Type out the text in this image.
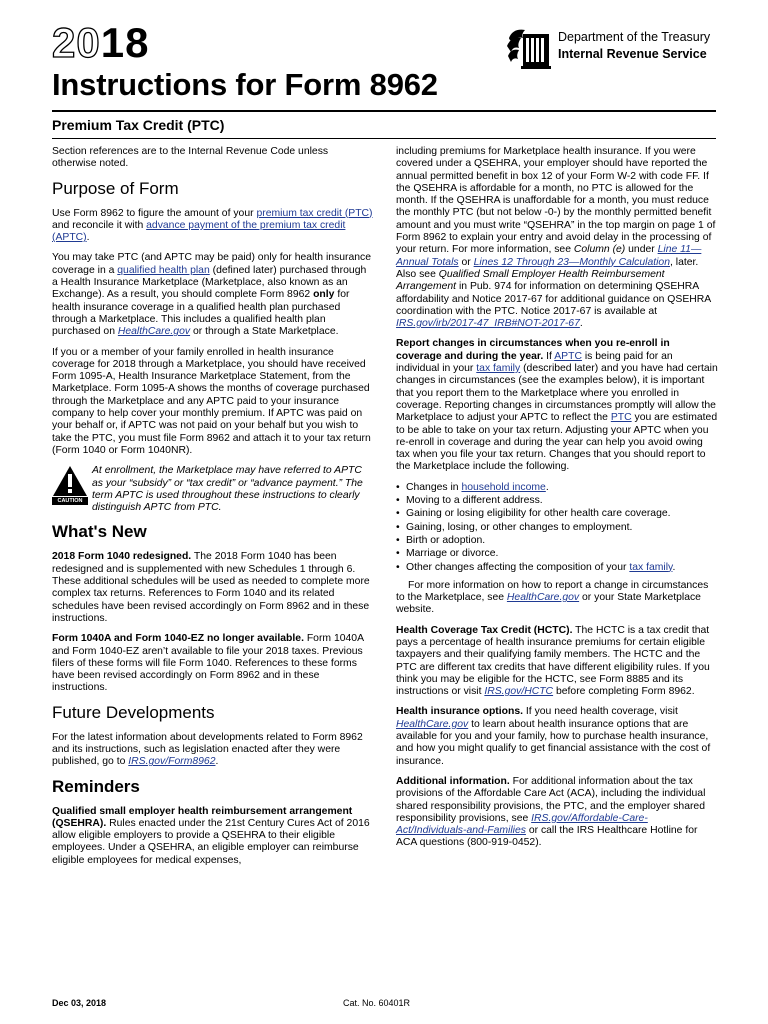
2018
Instructions for Form 8962
Premium Tax Credit (PTC)
Department of the Treasury
Internal Revenue Service

Section references are to the Internal Revenue Code unless otherwise noted.

Purpose of Form

Use Form 8962 to figure the amount of your premium tax credit (PTC) and reconcile it with advance payment of the premium tax credit (APTC).

You may take PTC (and APTC may be paid) only for health insurance coverage in a qualified health plan (defined later) purchased through a Health Insurance Marketplace (Marketplace, also known as an Exchange). As a result, you should complete Form 8962 only for health insurance coverage in a qualified health plan purchased through a Marketplace. This includes a qualified health plan purchased on HealthCare.gov or through a State Marketplace.

If you or a member of your family enrolled in health insurance coverage for 2018 through a Marketplace, you should have received Form 1095-A, Health Insurance Marketplace Statement, from the Marketplace. Form 1095-A shows the months of coverage purchased through the Marketplace and any APTC paid to your insurance company to help cover your monthly premium. If APTC was paid on your behalf or, if APTC was not paid on your behalf but you wish to take the PTC, you must file Form 8962 and attach it to your tax return (Form 1040 or Form 1040NR).

CAUTION
At enrollment, the Marketplace may have referred to APTC as your “subsidy” or “tax credit” or “advance payment.” The term APTC is used throughout these instructions to clearly distinguish APTC from PTC.
What's New

2018 Form 1040 redesigned. The 2018 Form 1040 has been redesigned and is supplemented with new Schedules 1 through 6. These additional schedules will be used as needed to complete more complex tax returns. References to Form 1040 and its related schedules have been revised accordingly on Form 8962 and in these instructions.

Form 1040A and Form 1040-EZ no longer available. Form 1040A and Form 1040-EZ aren’t available to file your 2018 taxes. Previous filers of these forms will file Form 1040. References to these forms have been revised accordingly on Form 8962 and in these instructions.

Future Developments

For the latest information about developments related to Form 8962 and its instructions, such as legislation enacted after they were published, go to IRS.gov/Form8962.

Reminders

Qualified small employer health reimbursement arrangement (QSEHRA). Rules enacted under the 21st Century Cures Act of 2016 allow eligible employers to provide a QSEHRA to their eligible employees. Under a QSEHRA, an eligible employer can reimburse eligible employees for medical expenses,

including premiums for Marketplace health insurance. If you were covered under a QSEHRA, your employer should have reported the annual permitted benefit in box 12 of your Form W-2 with code FF. If the QSEHRA is affordable for a month, no PTC is allowed for the month. If the QSEHRA is unaffordable for a month, you must reduce the monthly PTC (but not below -0-) by the monthly permitted benefit amount and you must write “QSEHRA” in the top margin on page 1 of Form 8962 to explain your entry and avoid delay in the processing of your return. For more information, see Column (e) under Line 11—Annual Totals or Lines 12 Through 23—Monthly Calculation, later. Also see Qualified Small Employer Health Reimbursement Arrangement in Pub. 974 for information on determining QSEHRA affordability and Notice 2017-67 for additional guidance on QSEHRA coordination with the PTC. Notice 2017-67 is available at IRS.gov/irb/2017-47_IRB#NOT-2017-67.

Report changes in circumstances when you re-enroll in coverage and during the year. If APTC is being paid for an individual in your tax family (described later) and you have had certain changes in circumstances (see the examples below), it is important that you report them to the Marketplace where you enrolled in coverage. Reporting changes in circumstances promptly will allow the Marketplace to adjust your APTC to reflect the PTC you are estimated to be able to take on your tax return. Adjusting your APTC when you re-enroll in coverage and during the year can help you avoid owing tax when you file your tax return. Changes that you should report to the Marketplace include the following.

• Changes in household income.
• Moving to a different address.
• Gaining or losing eligibility for other health care coverage.
• Gaining, losing, or other changes to employment.
• Birth or adoption.
• Marriage or divorce.
• Other changes affecting the composition of your tax family.

For more information on how to report a change in circumstances to the Marketplace, see HealthCare.gov or your State Marketplace website.

Health Coverage Tax Credit (HCTC). The HCTC is a tax credit that pays a percentage of health insurance premiums for certain eligible taxpayers and their qualifying family members. The HCTC and the PTC are different tax credits that have different eligibility rules. If you think you may be eligible for the HCTC, see Form 8885 and its instructions or visit IRS.gov/HCTC before completing Form 8962.

Health insurance options. If you need health coverage, visit HealthCare.gov to learn about health insurance options that are available for you and your family, how to purchase health insurance, and how you might qualify to get financial assistance with the cost of insurance.

Additional information. For additional information about the tax provisions of the Affordable Care Act (ACA), including the individual shared responsibility provisions, the PTC, and the employer shared responsibility provisions, see IRS.gov/Affordable-Care-Act/Individuals-and-Families or call the IRS Healthcare Hotline for ACA questions (800-919-0452).

Dec 03, 2018	Cat. No. 60401R
